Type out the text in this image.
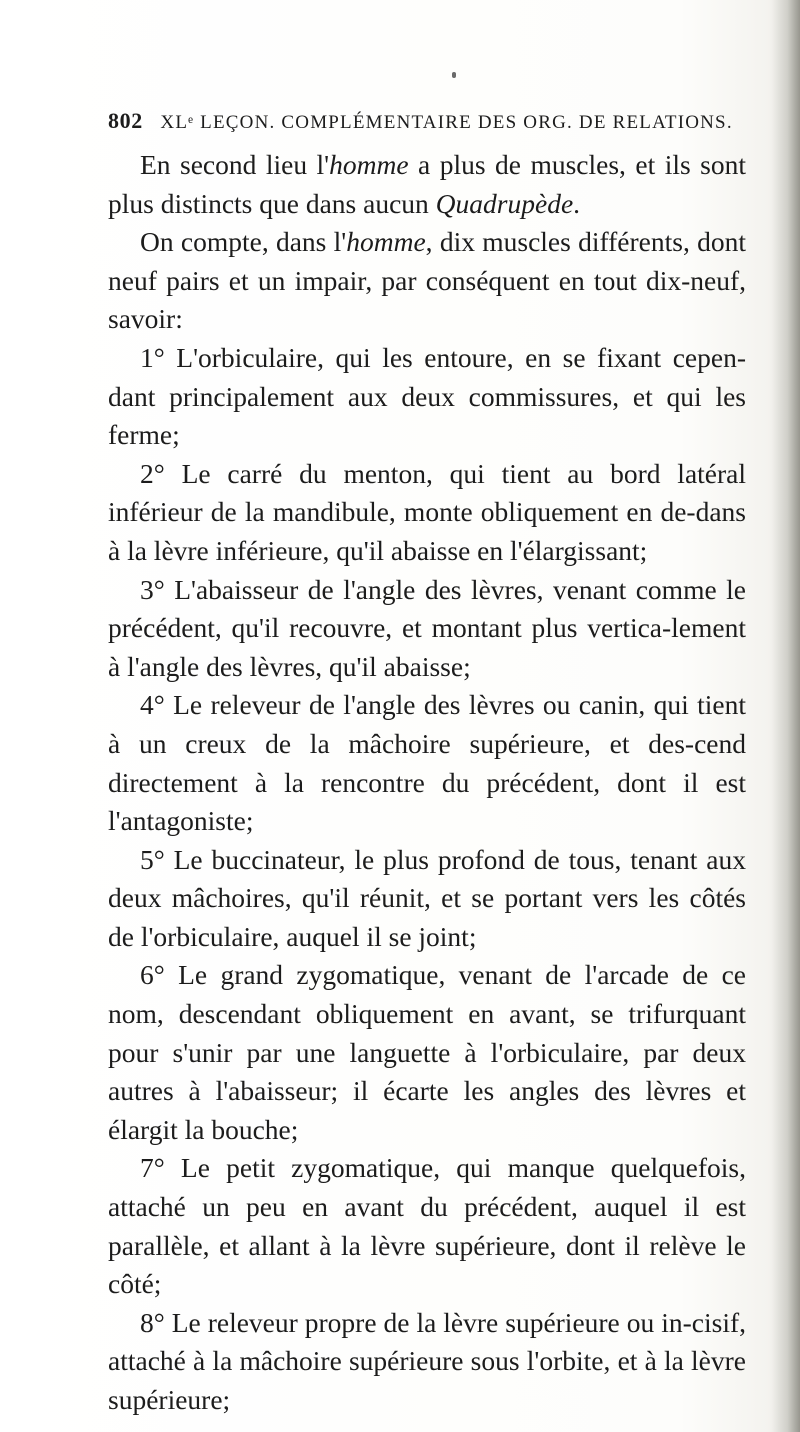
802 XLᵉ LEÇON. COMPLÉMENTAIRE DES ORG. DE RELATIONS.

En second lieu l'homme a plus de muscles, et ils sont plus distincts que dans aucun Quadrupède.

On compte, dans l'homme, dix muscles différents, dont neuf pairs et un impair, par conséquent en tout dix-neuf, savoir:

1° L'orbiculaire, qui les entoure, en se fixant cepen-dant principalement aux deux commissures, et qui les ferme;

2° Le carré du menton, qui tient au bord latéral inférieur de la mandibule, monte obliquement en de-dans à la lèvre inférieure, qu'il abaisse en l'élargissant;

3° L'abaisseur de l'angle des lèvres, venant comme le précédent, qu'il recouvre, et montant plus vertica-lement à l'angle des lèvres, qu'il abaisse;

4° Le releveur de l'angle des lèvres ou canin, qui tient à un creux de la mâchoire supérieure, et des-cend directement à la rencontre du précédent, dont il est l'antagoniste;

5° Le buccinateur, le plus profond de tous, tenant aux deux mâchoires, qu'il réunit, et se portant vers les côtés de l'orbiculaire, auquel il se joint;

6° Le grand zygomatique, venant de l'arcade de ce nom, descendant obliquement en avant, se trifurquant pour s'unir par une languette à l'orbiculaire, par deux autres à l'abaisseur; il écarte les angles des lèvres et élargit la bouche;

7° Le petit zygomatique, qui manque quelquefois, attaché un peu en avant du précédent, auquel il est parallèle, et allant à la lèvre supérieure, dont il relève le côté;

8° Le releveur propre de la lèvre supérieure ou in-cisif, attaché à la mâchoire supérieure sous l'orbite, et à la lèvre supérieure;
